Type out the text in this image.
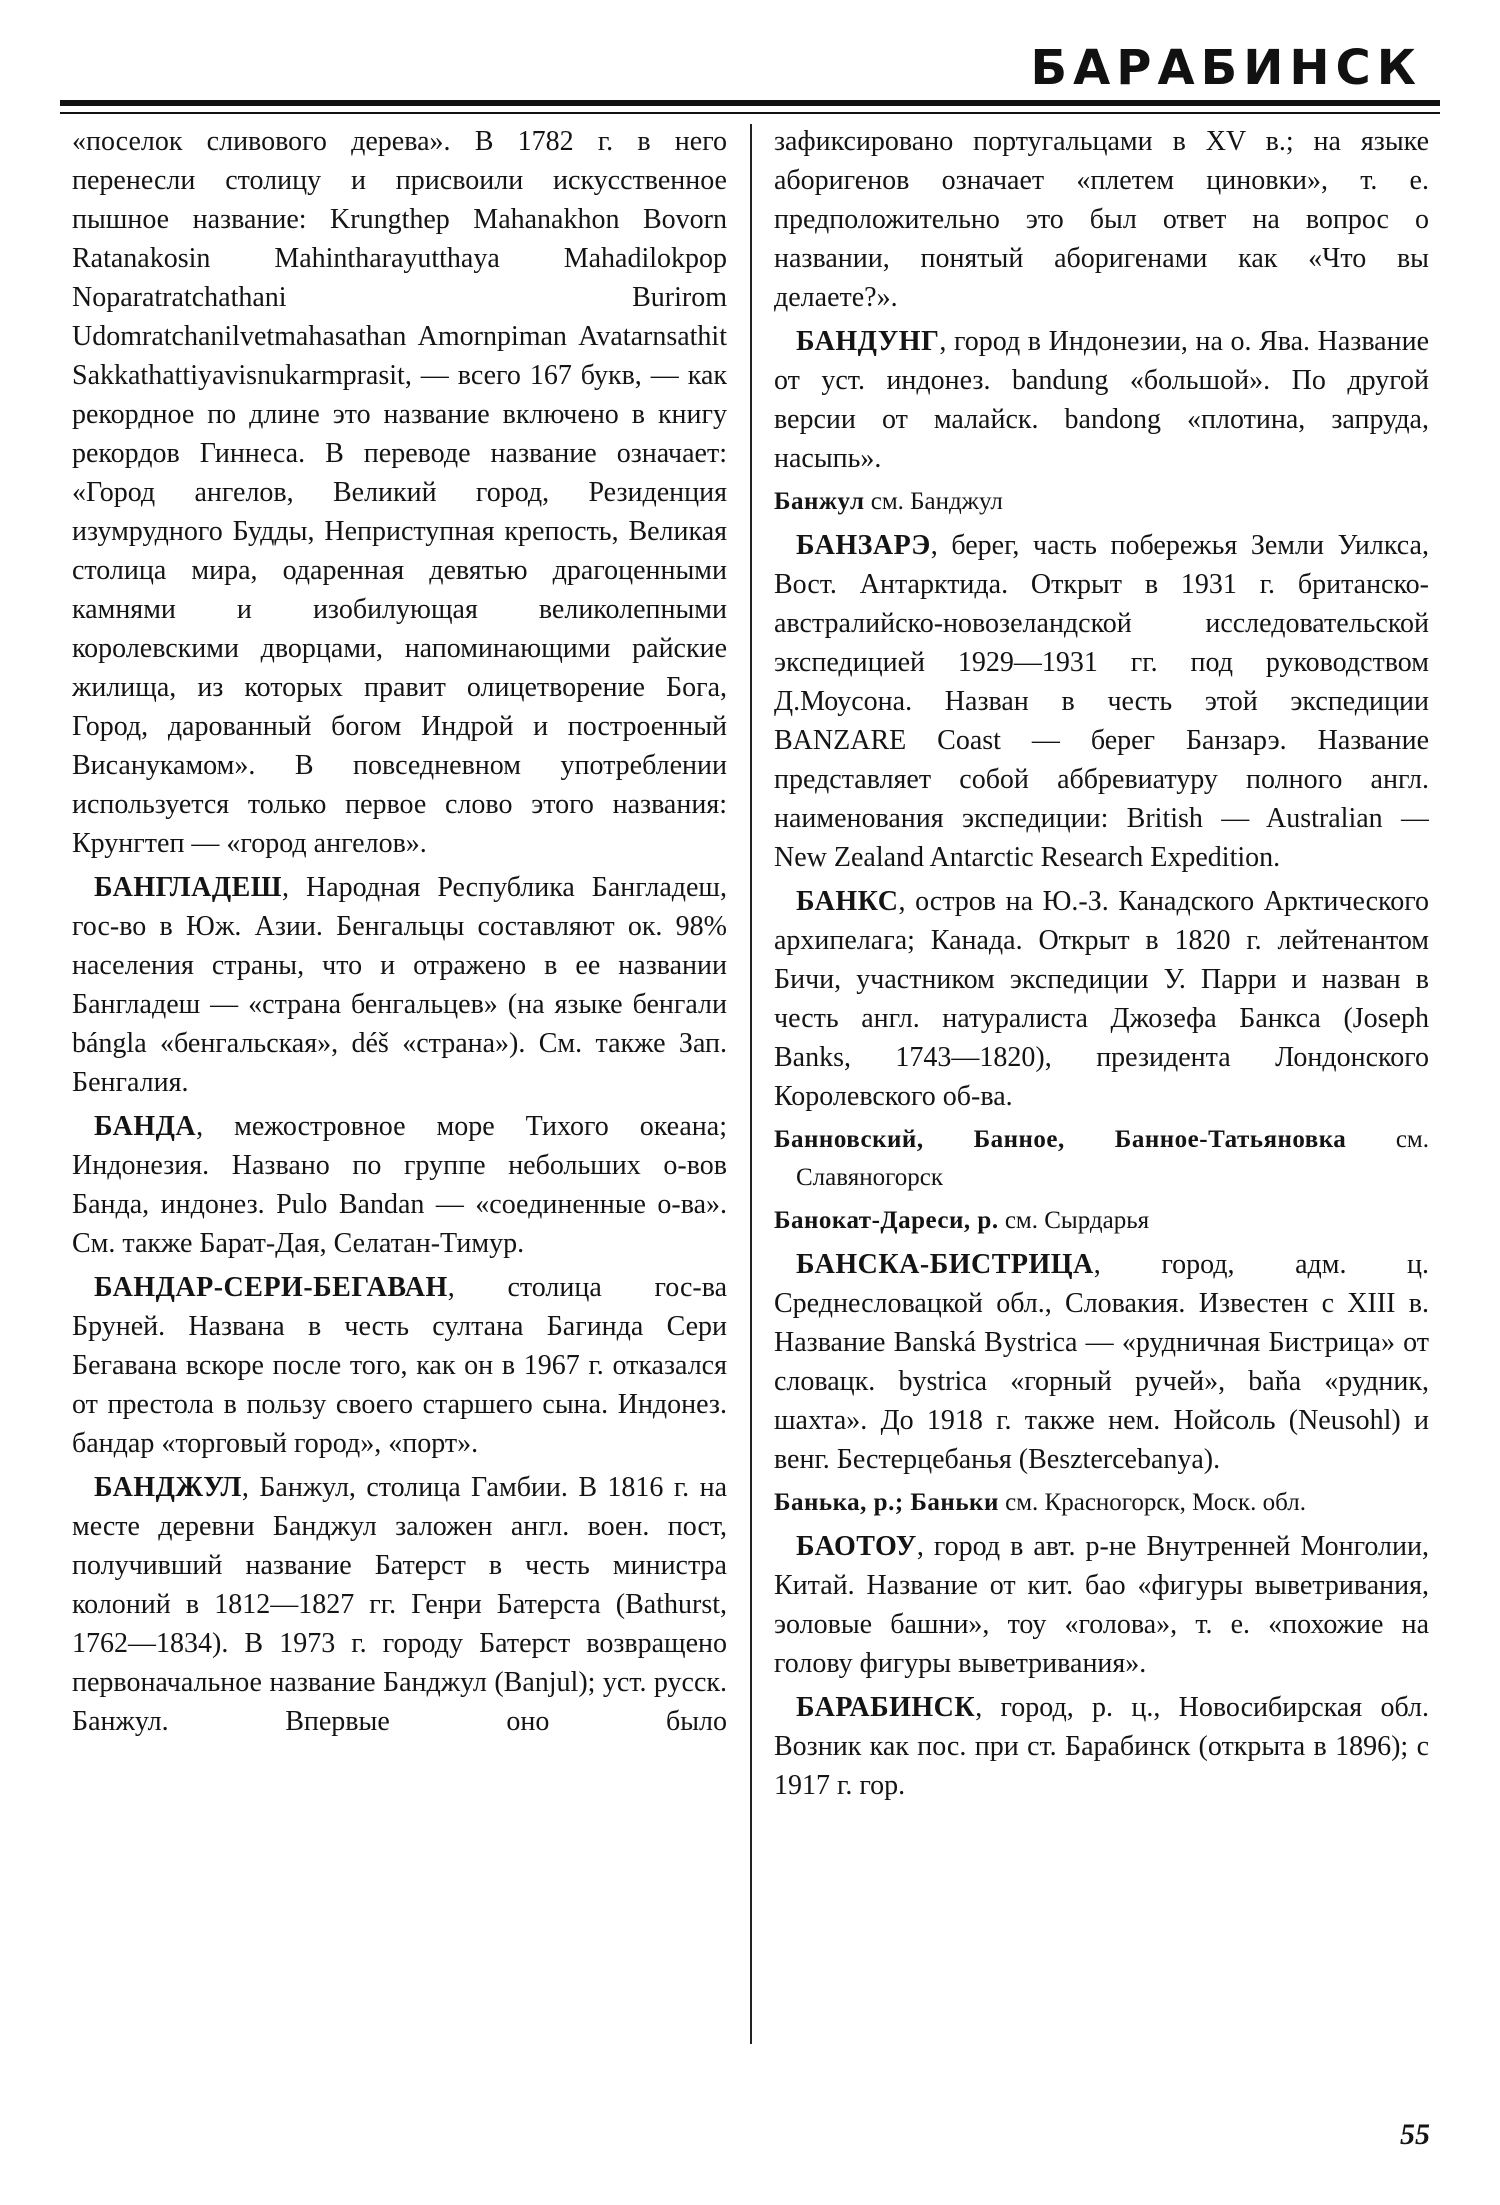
БАРАБИНСК

«поселок сливового дерева». В 1782 г. в него перенесли столицу и присвоили искусственное пышное название: Krungthep Mahanakhon Bovorn Ratanakosin Mahintharayutthaya Mahadilokpop Noparatratchathani Burirom Udomratchanilvetmahasathan Amornpiman Avatarnsathit Sakkathattiyavisnukarmprasit, — всего 167 букв, — как рекордное по длине это название включено в книгу рекордов Гиннеса. В переводе название означает: «Город ангелов, Великий город, Резиденция изумрудного Будды, Неприступная крепость, Великая столица мира, одаренная девятью драгоценными камнями и изобилующая великолепными королевскими дворцами, напоминающими райские жилища, из которых правит олицетворение Бога, Город, дарованный богом Индрой и построенный Висанукамом». В повседневном употреблении используется только первое слово этого названия: Крунгтеп — «город ангелов».

БАНГЛАДЕШ, Народная Республика Бангладеш, гос-во в Юж. Азии. Бенгальцы составляют ок. 98% населения страны, что и отражено в ее названии Бангладеш — «страна бенгальцев» (на языке бенгали bángla «бенгальская», déš «страна»). См. также Зап. Бенгалия.

БАНДА, межостровное море Тихого океана; Индонезия. Названо по группе небольших о-вов Банда, индонез. Pulo Bandan — «соединенные о-ва». См. также Барат-Дая, Селатан-Тимур.

БАНДАР-СЕРИ-БЕГАВАН, столица гос-ва Бруней. Названа в честь султана Багинда Сери Бегавана вскоре после того, как он в 1967 г. отказался от престола в пользу своего старшего сына. Индонез. бандар «торговый город», «порт».

БАНДЖУЛ, Банжул, столица Гамбии. В 1816 г. на месте деревни Банджул заложен англ. воен. пост, получивший название Батерст в честь министра колоний в 1812—1827 гг. Генри Батерста (Bathurst, 1762—1834). В 1973 г. городу Батерст возвращено первоначальное название Банджул (Banjul); уст. русск. Банжул. Впервые оно было

зафиксировано португальцами в XV в.; на языке аборигенов означает «плетем циновки», т. е. предположительно это был ответ на вопрос о названии, понятый аборигенами как «Что вы делаете?».

БАНДУНГ, город в Индонезии, на о. Ява. Название от уст. индонез. bandung «большой». По другой версии от малайск. bandong «плотина, запруда, насыпь».

Банжул см. Банджул

БАНЗАРЭ, берег, часть побережья Земли Уилкса, Вост. Антарктида. Открыт в 1931 г. британско-австралийско-новозеландской исследовательской экспедицией 1929—1931 гг. под руководством Д.Моусона. Назван в честь этой экспедиции BANZARE Coast — берег Банзарэ. Название представляет собой аббревиатуру полного англ. наименования экспедиции: British — Australian — New Zealand Antarctic Research Expedition.

БАНКС, остров на Ю.-З. Канадского Арктического архипелага; Канада. Открыт в 1820 г. лейтенантом Бичи, участником экспедиции У. Парри и назван в честь англ. натуралиста Джозефа Банкса (Joseph Banks, 1743—1820), президента Лондонского Королевского об-ва.

Банновский, Банное, Банное-Татьяновка см. Славяногорск

Банокат-Дареси, р. см. Сырдарья

БАНСКА-БИСТРИЦА, город, адм. ц. Среднесловацкой обл., Словакия. Известен с XIII в. Название Banská Bystrica — «рудничная Бистрица» от словацк. bystrica «горный ручей», baňa «рудник, шахта». До 1918 г. также нем. Нойсоль (Neusohl) и венг. Бестерцебанья (Besztercebanya).

Банька, р.; Баньки см. Красногорск, Моск. обл.

БАОТОУ, город в авт. р-не Внутренней Монголии, Китай. Название от кит. бао «фигуры выветривания, эоловые башни», тоу «голова», т. е. «похожие на голову фигуры выветривания».

БАРАБИНСК, город, р. ц., Новосибирская обл. Возник как пос. при ст. Барабинск (открыта в 1896); с 1917 г. гор.

55
